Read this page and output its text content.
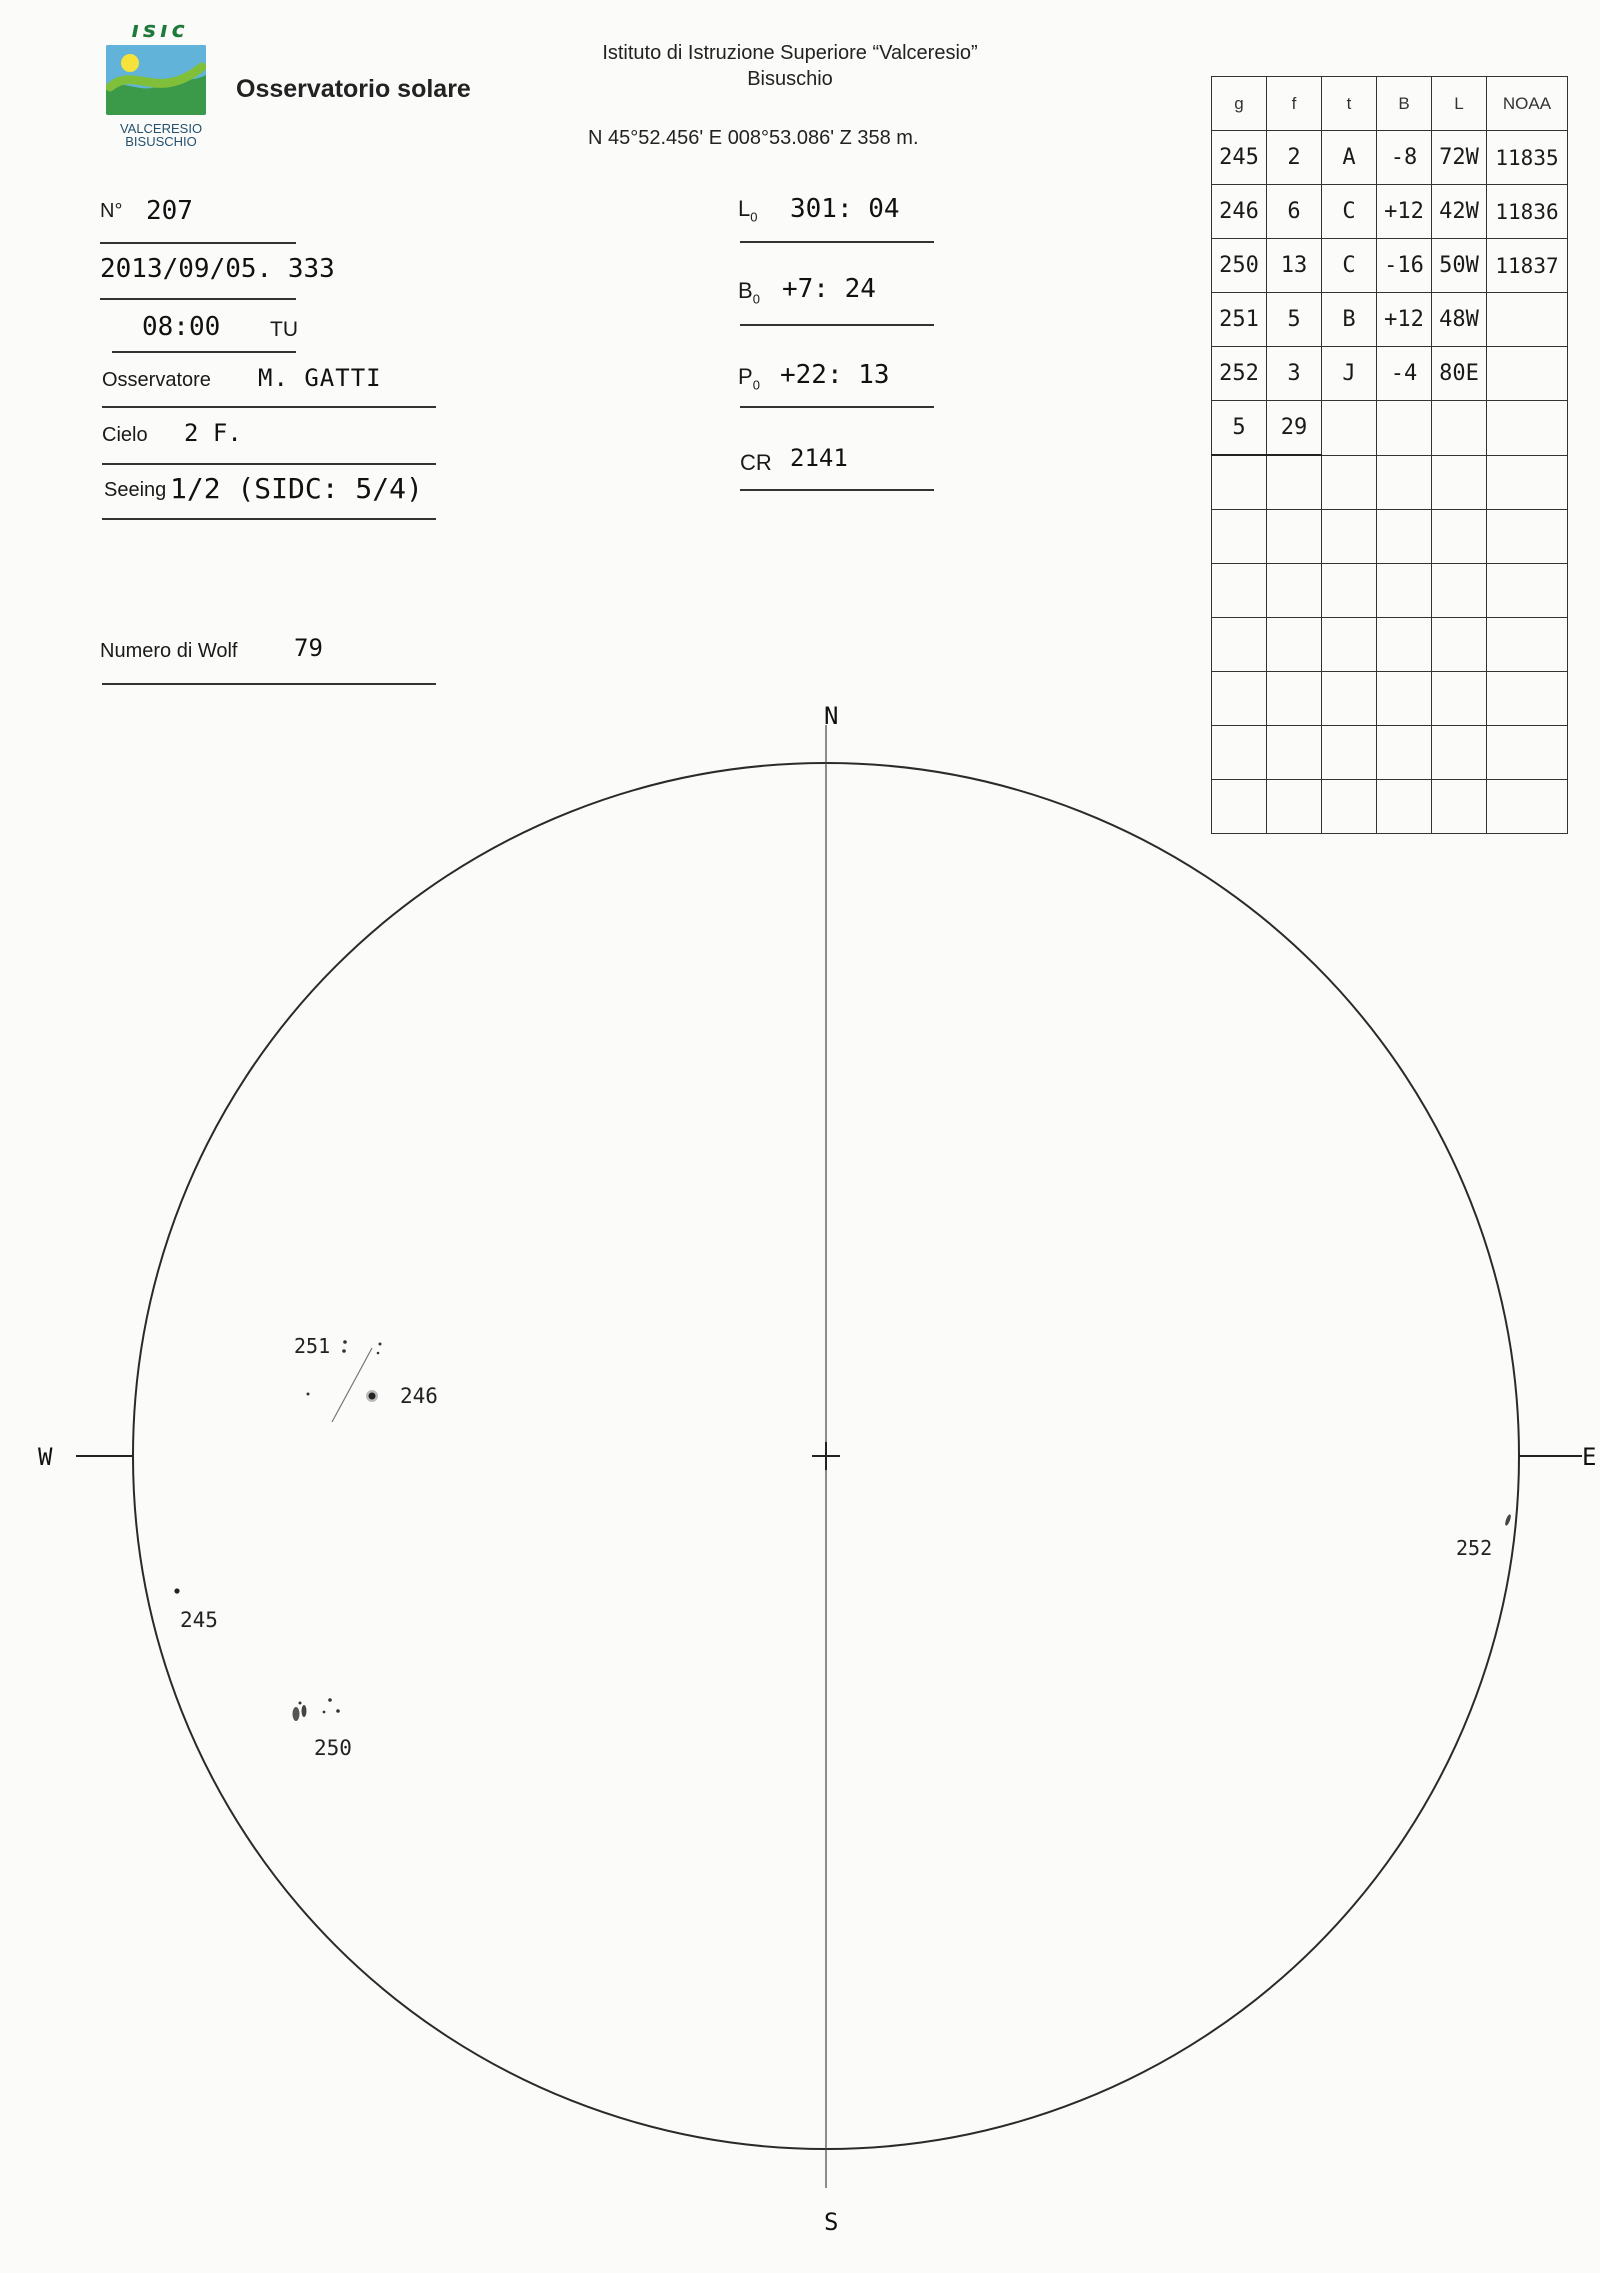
ısıc
VALCERESIO
BISUSCHIO
Osservatorio solare
Istituto di Istruzione Superiore “Valceresio”
Bisuschio
N 45°52.456' E 008°53.086' Z 358 m.
N° 207
2013/09/05. 333
08:00 TU
Osservatore M. GATTI
Cielo 2 F.
Seeing 1/2 (SIDC: 5/4)
Numero di Wolf 79
$L_0$ 301: 04
$B_0 +7$: 24
$P_0 +22$: 13
CR 2141
g	f	t	B	L	NOAA
245	2	A	-8	72W	11835
246	6	C	+12	42W	11836
250	13	C	-16	50W	11837
251	5	B	+12	48W	
252	3	J	-4	80E	
5	29				

N
S
W	E
251
246
245
250
252
